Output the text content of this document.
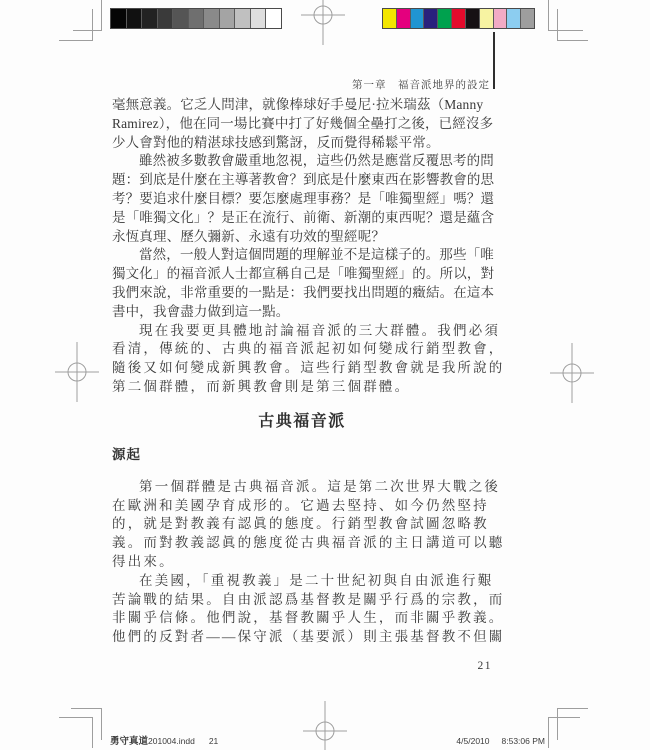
第一章　福音派地界的設定
毫無意義。它乏人問津，就像棒球好手曼尼·拉米瑞茲（Manny
Ramirez），他在同一場比賽中打了好幾個全壘打之後，已經沒多
少人會對他的精湛球技感到驚訝，反而覺得稀鬆平常。
雖然被多數教會嚴重地忽視，這些仍然是應當反覆思考的問
題：到底是什麼在主導著教會？到底是什麼東西在影響教會的思
考？要追求什麼目標？要怎麼處理事務？是「唯獨聖經」嗎？還
是「唯獨文化」？是正在流行、前衛、新潮的東西呢？還是蘊含
永恆真理、歷久彌新、永遠有功效的聖經呢？
當然，一般人對這個問題的理解並不是這樣子的。那些「唯
獨文化」的福音派人士都宣稱自己是「唯獨聖經」的。所以，對
我們來說，非常重要的一點是：我們要找出問題的癥結。在這本
書中，我會盡力做到這一點。
現在我要更具體地討論福音派的三大群體。我們必須
看清，傳統的、古典的福音派起初如何變成行銷型教會，
隨後又如何變成新興教會。這些行銷型教會就是我所說的
第二個群體，而新興教會則是第三個群體。
古典福音派
源起
第一個群體是古典福音派。這是第二次世界大戰之後
在歐洲和美國孕育成形的。它過去堅持、如今仍然堅持
的，就是對教義有認眞的態度。行銷型教會試圖忽略教
義。而對教義認眞的態度從古典福音派的主日講道可以聽
得出來。
在美國，「重視教義」是二十世紀初與自由派進行艱
苦論戰的結果。自由派認爲基督教是關乎行爲的宗教，而
非關乎信條。他們說，基督教關乎人生，而非關乎教義。
他們的反對者——保守派（基要派）則主張基督教不但關
21
勇守真道201004.indd 21	4/5/2010 8:53:06 PM
